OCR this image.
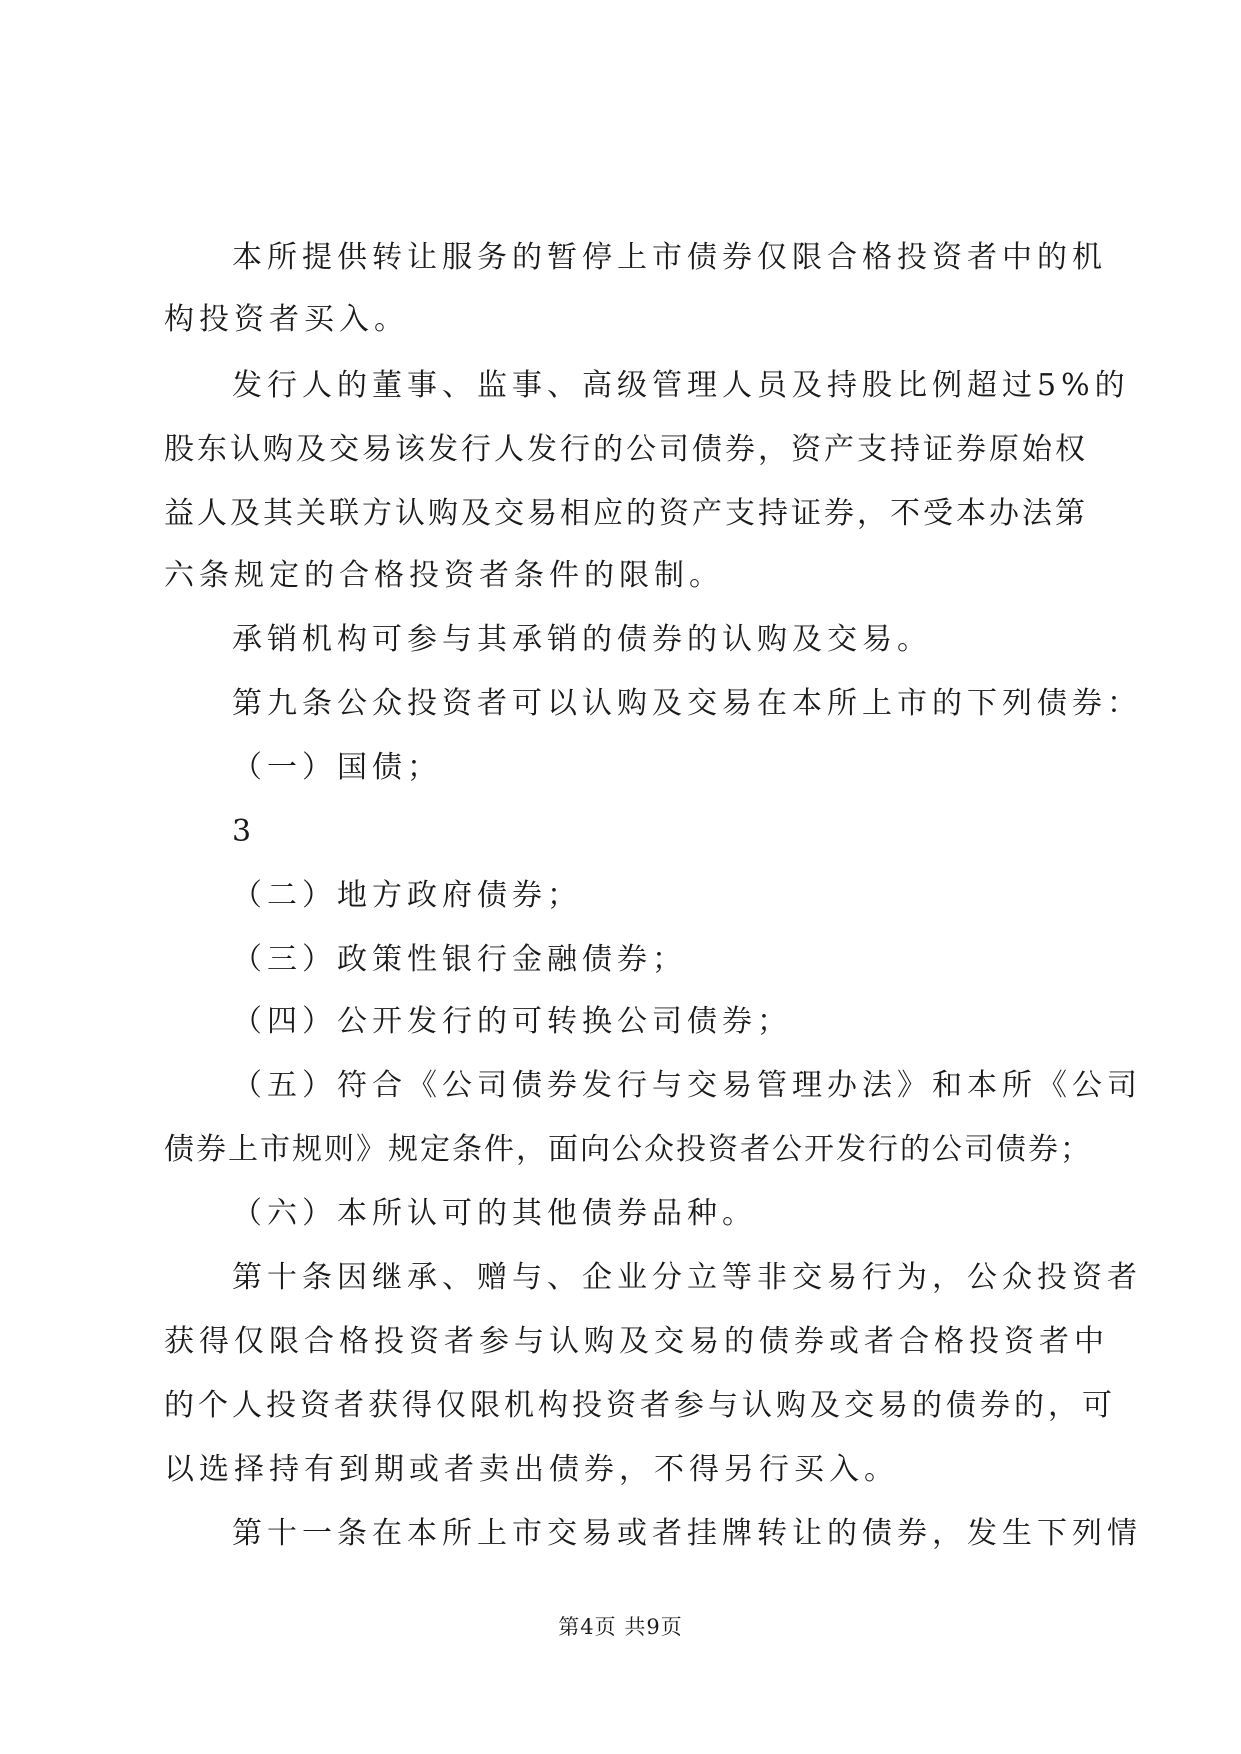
本所提供转让服务的暂停上市债券仅限合格投资者中的机
构投资者买入。
发行人的董事、监事、高级管理人员及持股比例超过5%的
股东认购及交易该发行人发行的公司债券，资产支持证券原始权
益人及其关联方认购及交易相应的资产支持证券，不受本办法第
六条规定的合格投资者条件的限制。
承销机构可参与其承销的债券的认购及交易。
第九条公众投资者可以认购及交易在本所上市的下列债券：
（一）国债；
3
（二）地方政府债券；
（三）政策性银行金融债券；
（四）公开发行的可转换公司债券；
（五）符合《公司债券发行与交易管理办法》和本所《公司
债券上市规则》规定条件，面向公众投资者公开发行的公司债券；
（六）本所认可的其他债券品种。
第十条因继承、赠与、企业分立等非交易行为，公众投资者
获得仅限合格投资者参与认购及交易的债券或者合格投资者中
的个人投资者获得仅限机构投资者参与认购及交易的债券的，可
以选择持有到期或者卖出债券，不得另行买入。
第十一条在本所上市交易或者挂牌转让的债券，发生下列情
第4页 共9页
